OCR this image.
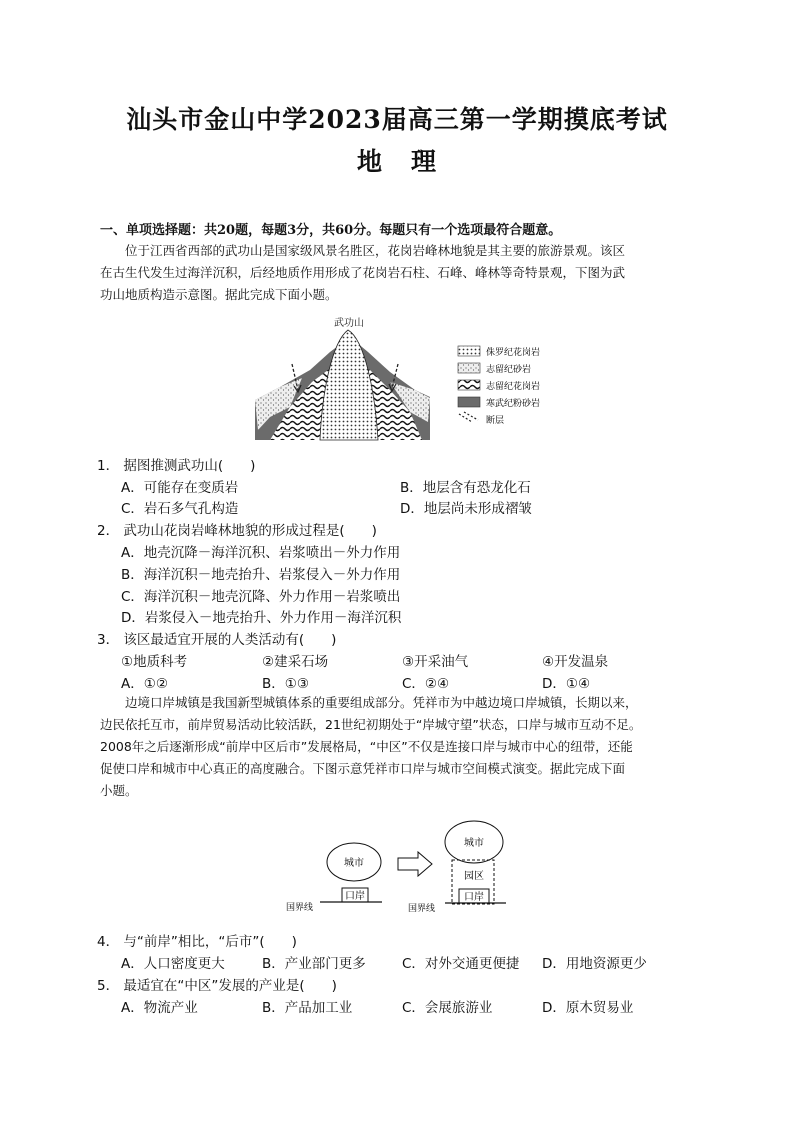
汕头市金山中学2023届高三第一学期摸底考试
地 理
一、单项选择题：共20题，每题3分，共60分。每题只有一个选项最符合题意。
位于江西省西部的武功山是国家级风景名胜区，花岗岩峰林地貌是其主要的旅游景观。该区
在古生代发生过海洋沉积，后经地质作用形成了花岗岩石柱、石峰、峰林等奇特景观，下图为武
功山地质构造示意图。据此完成下面小题。
武功山
侏罗纪花岗岩
志留纪砂岩
志留纪花岗岩
寒武纪粉砂岩
断层
1． 据图推测武功山(　　)
A．可能存在变质岩	B．地层含有恐龙化石
C．岩石多气孔构造	D．地层尚未形成褶皱
2． 武功山花岗岩峰林地貌的形成过程是(　　)
A．地壳沉降－海洋沉积、岩浆喷出－外力作用
B．海洋沉积－地壳抬升、岩浆侵入－外力作用
C．海洋沉积－地壳沉降、外力作用－岩浆喷出
D．岩浆侵入－地壳抬升、外力作用－海洋沉积
3． 该区最适宜开展的人类活动有(　　)
①地质科考	②建采石场	③开采油气	④开发温泉
A．①②	B．①③	C．②④	D．①④
边境口岸城镇是我国新型城镇体系的重要组成部分。凭祥市为中越边境口岸城镇，长期以来，
边民依托互市，前岸贸易活动比较活跃，21世纪初期处于“岸城守望”状态，口岸与城市互动不足。
2008年之后逐渐形成“前岸中区后市”发展格局，“中区”不仅是连接口岸与城市中心的纽带，还能
促使口岸和城市中心真正的高度融合。下图示意凭祥市口岸与城市空间模式演变。据此完成下面
小题。
城市
口岸
国界线
城市
园区
口岸
国界线
4． 与“前岸”相比，“后市”(　　)
A．人口密度更大	B．产业部门更多	C．对外交通更便捷 D．用地资源更少
5． 最适宜在“中区”发展的产业是(　　)
A．物流产业	B．产品加工业	C．会展旅游业	D．原木贸易业
